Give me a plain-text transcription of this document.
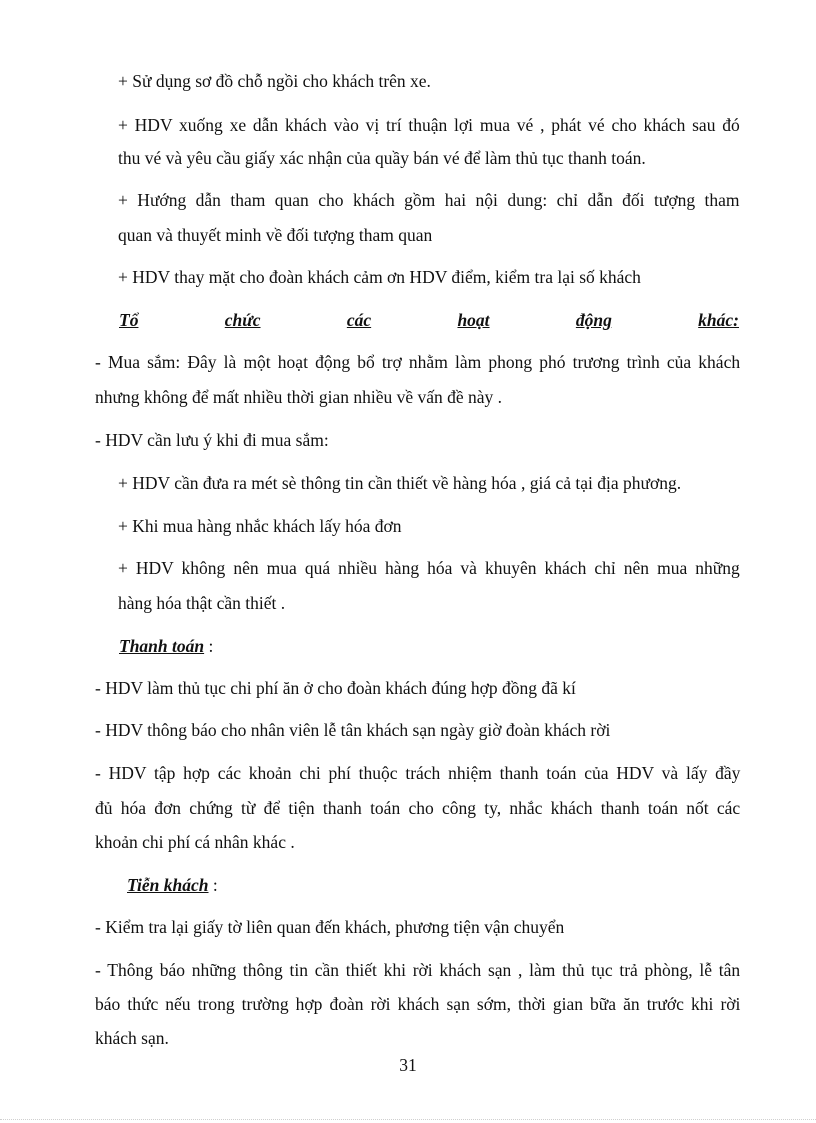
+ Sử dụng sơ đồ chỗ ngồi cho khách trên xe.
+ HDV xuống xe dẫn khách vào vị trí thuận lợi mua vé , phát vé cho khách sau đó
thu vé và yêu cầu giấy xác nhận của quầy bán vé để làm thủ tục thanh toán.
+ Hướng dẫn tham quan cho khách gồm hai nội dung: chỉ dẫn đối tượng tham
quan và thuyết minh về đối tượng tham quan
+ HDV thay mặt cho đoàn khách cảm ơn HDV điểm, kiểm tra lại số khách
Tổ	chức	các	hoạt	động	khác:
- Mua sắm: Đây là một hoạt động bổ trợ nhằm làm phong phó trương trình của khách
nhưng không để mất nhiều thời gian nhiều về vấn đề này .
- HDV cần lưu ý khi đi mua sắm:
+ HDV cần đưa ra mét sè thông tin cần thiết về hàng hóa , giá cả tại địa phương.
+ Khi mua hàng nhắc khách lấy hóa đơn
+ HDV không nên mua quá nhiều hàng hóa và khuyên khách chỉ nên mua những
hàng hóa thật cần thiết .
Thanh toán :
- HDV làm thủ tục chi phí ăn ở cho đoàn khách đúng hợp đồng đã kí
- HDV thông báo cho nhân viên lễ tân khách sạn ngày giờ đoàn khách rời
- HDV tập hợp các khoản chi phí thuộc trách nhiệm thanh toán của HDV và lấy đầy
đủ hóa đơn chứng từ để tiện thanh toán cho công ty, nhắc khách thanh toán nốt các
khoản chi phí cá nhân khác .
Tiễn khách :
- Kiểm tra lại giấy tờ liên quan đến khách, phương tiện vận chuyển
- Thông báo những thông tin cần thiết khi rời khách sạn , làm thủ tục trả phòng, lễ tân
báo thức nếu trong trường hợp đoàn rời khách sạn sớm, thời gian bữa ăn trước khi rời
khách sạn.
31
